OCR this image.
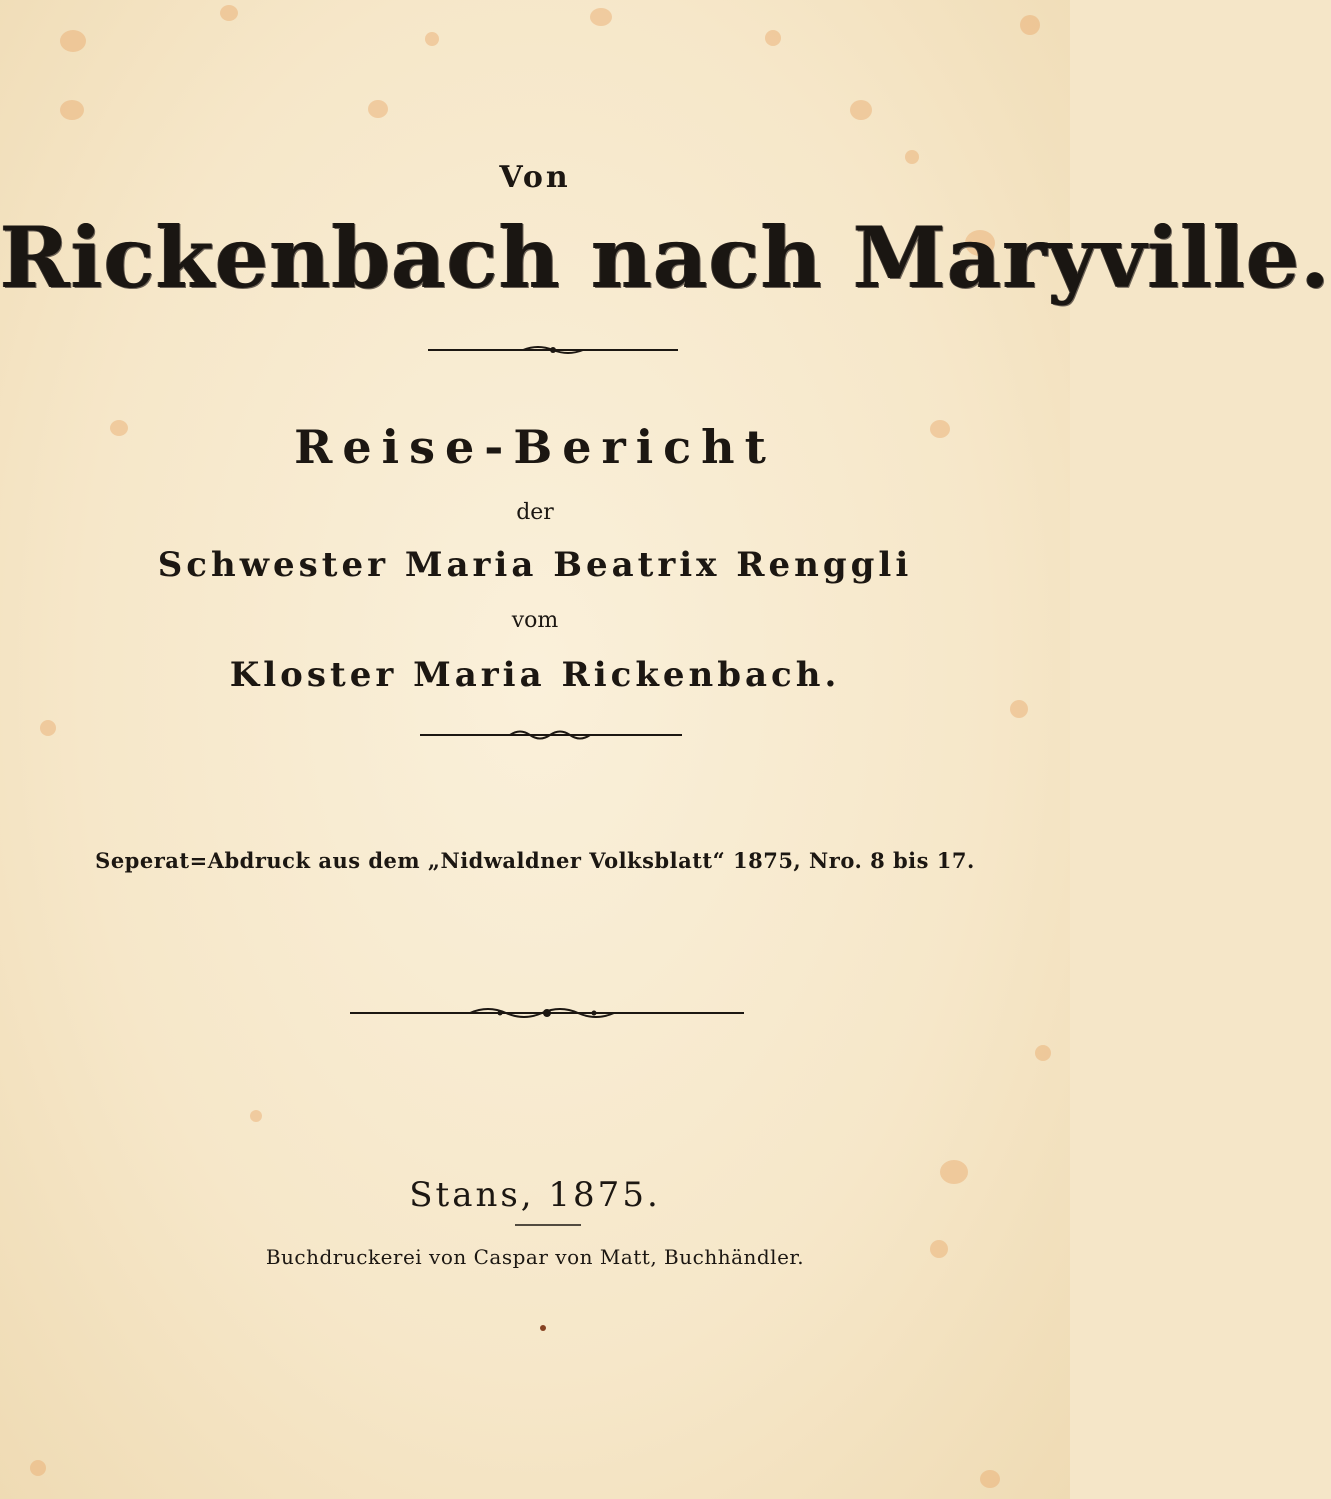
Von
Rickenbach nach Maryville.
Reise-Bericht
der
Schwester Maria Beatrix Renggli
vom
Kloster Maria Rickenbach.
Seperat=Abdruck aus dem „Nidwaldner Volksblatt“ 1875, Nro. 8 bis 17.
Stans, 1875.
Buchdruckerei von Caspar von Matt, Buchhändler.
